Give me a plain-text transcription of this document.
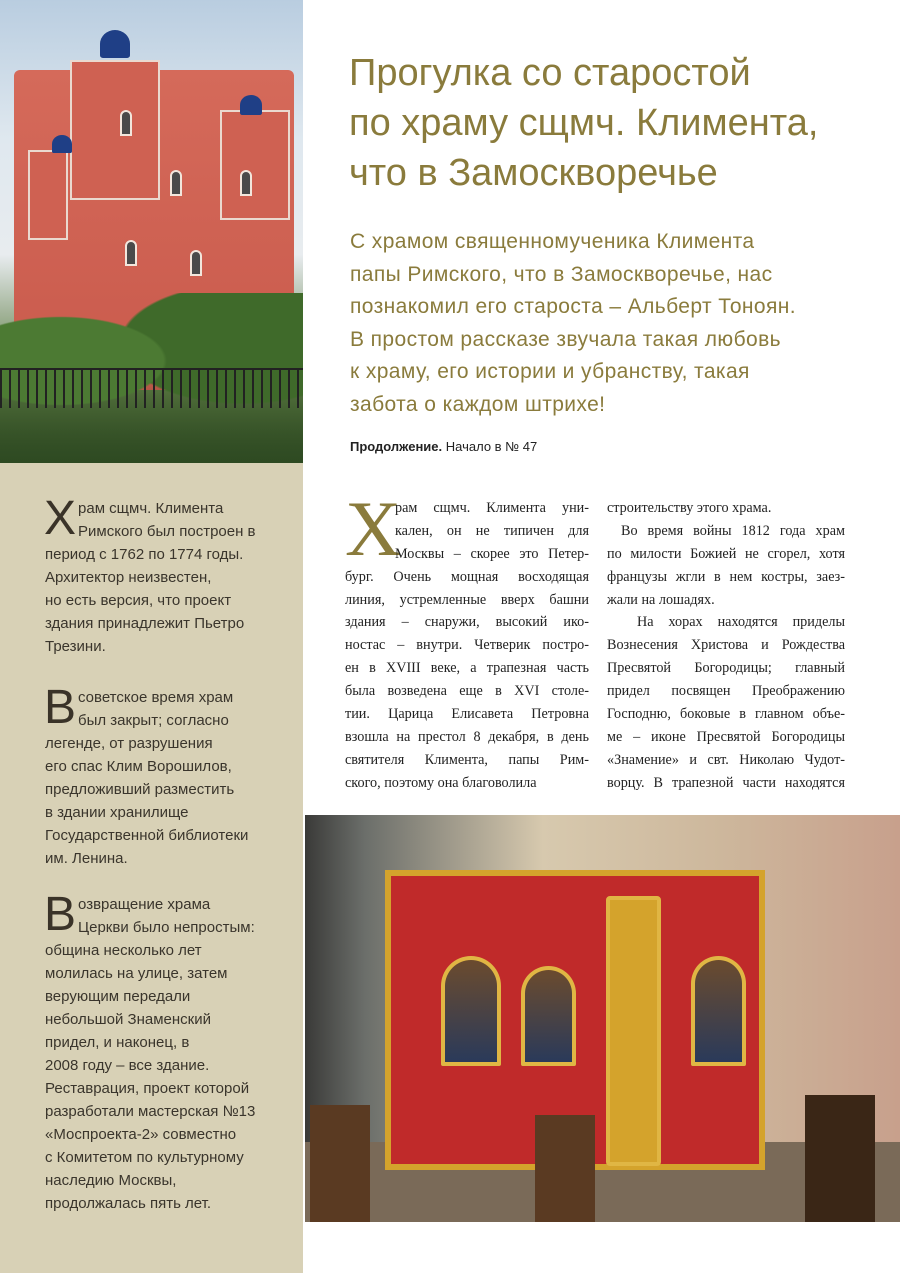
Х рам сщмч. Климента
Римского был построен в
период с 1762 по 1774 годы.
Архитектор неизвестен,
но есть версия, что проект
здания принадлежит Пьетро
Трезини.
В советское время храм
был закрыт; согласно
легенде, от разрушения
его спас Клим Ворошилов,
предложивший разместить
в здании хранилище
Государственной библиотеки
им. Ленина.
В озвращение храма
Церкви было непростым:
община несколько лет
молилась на улице, затем
верующим передали
небольшой Знаменский
придел, и наконец, в
2008 году – все здание.
Реставрация, проект которой
разработали мастерская №13
«Моспроекта-2» совместно
с Комитетом по культурному
наследию Москвы,
продолжалась пять лет.
Прогулка со старостой
по храму сщмч. Климента,
что в Замоскворечье
С храмом священномученика Климента
папы Римского, что в Замоскворечье, нас
познакомил его староста – Альберт Тоноян.
В простом рассказе звучала такая любовь
к храму, его истории и убранству, такая
забота о каждом штрихе!
Продолжение. Начало в № 47
Х
рам сщмч. Климента уни-
кален, он не типичен для
Москвы – скорее это Петер-
бург. Очень мощная восходящая
линия, устремленные вверх башни
здания – снаружи, высокий ико-
ностас – внутри. Четверик постро-
ен в XVIII веке, а трапезная часть
была возведена еще в XVI столе-
тии. Царица Елисавета Петровна
взошла на престол 8 декабря, в день
святителя Климента, папы Рим-
ского, поэтому она благоволила
строительству этого храма.
Во время войны 1812 года храм
по милости Божией не сгорел, хотя
французы жгли в нем костры, заез-
жали на лошадях.
На хорах находятся приделы
Вознесения Христова и Рождества
Пресвятой Богородицы; главный
придел посвящен Преображению
Господню, боковые в главном объе-
ме – иконе Пресвятой Богородицы
«Знамение» и свт. Николаю Чудот-
ворцу. В трапезной части находятся
